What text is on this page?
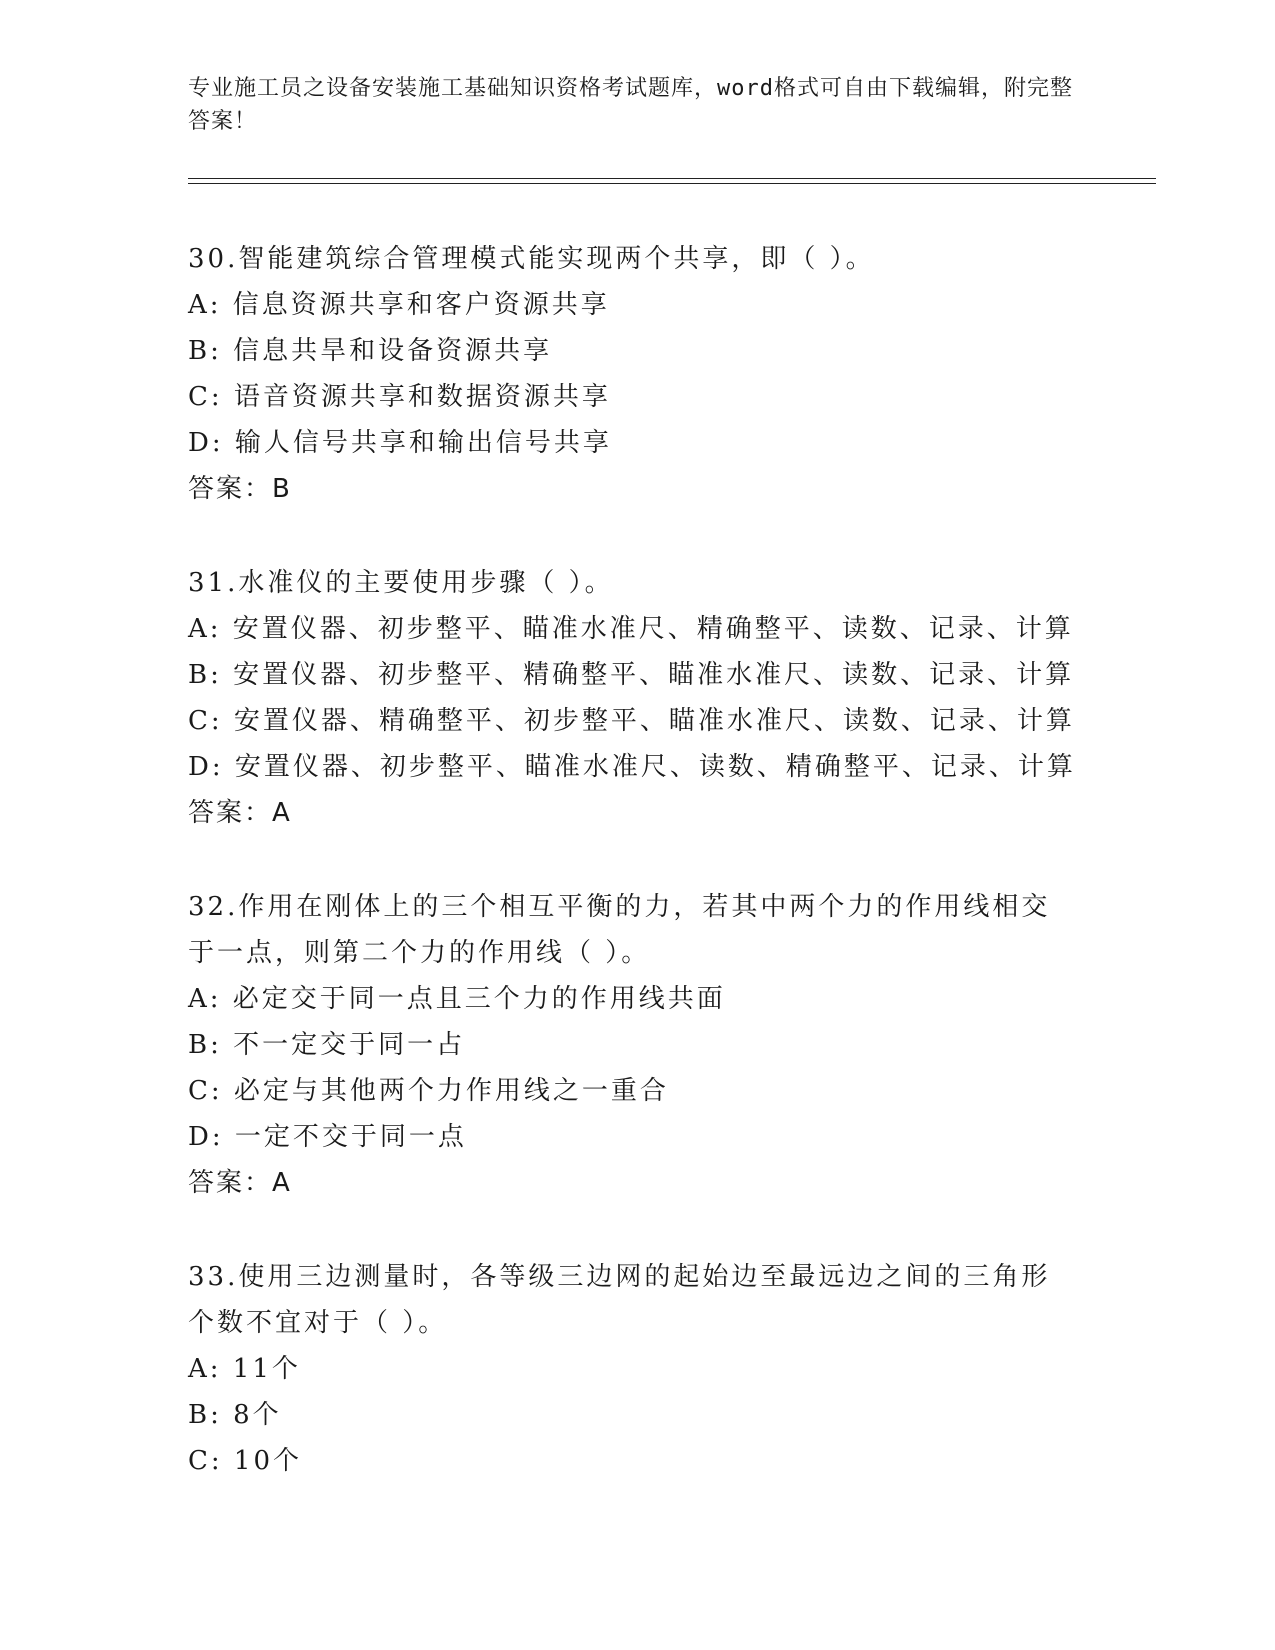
专业施工员之设备安装施工基础知识资格考试题库，word格式可自由下载编辑，附完整答案！
30.智能建筑综合管理模式能实现两个共享，即（ ）。
A: 信息资源共享和客户资源共享
B: 信息共旱和设备资源共享
C: 语音资源共享和数据资源共享
D: 输人信号共享和输出信号共享
答案：B
31.水准仪的主要使用步骤（ ）。
A: 安置仪器、初步整平、瞄准水准尺、精确整平、读数、记录、计算
B: 安置仪器、初步整平、精确整平、瞄准水准尺、读数、记录、计算
C: 安置仪器、精确整平、初步整平、瞄准水准尺、读数、记录、计算
D: 安置仪器、初步整平、瞄准水准尺、读数、精确整平、记录、计算
答案：A
32.作用在刚体上的三个相互平衡的力，若其中两个力的作用线相交于一点，则第二个力的作用线（ ）。
A: 必定交于同一点且三个力的作用线共面
B: 不一定交于同一占
C: 必定与其他两个力作用线之一重合
D: 一定不交于同一点
答案：A
33.使用三边测量时，各等级三边网的起始边至最远边之间的三角形个数不宜对于（ ）。
A: 11个
B: 8个
C: 10个
